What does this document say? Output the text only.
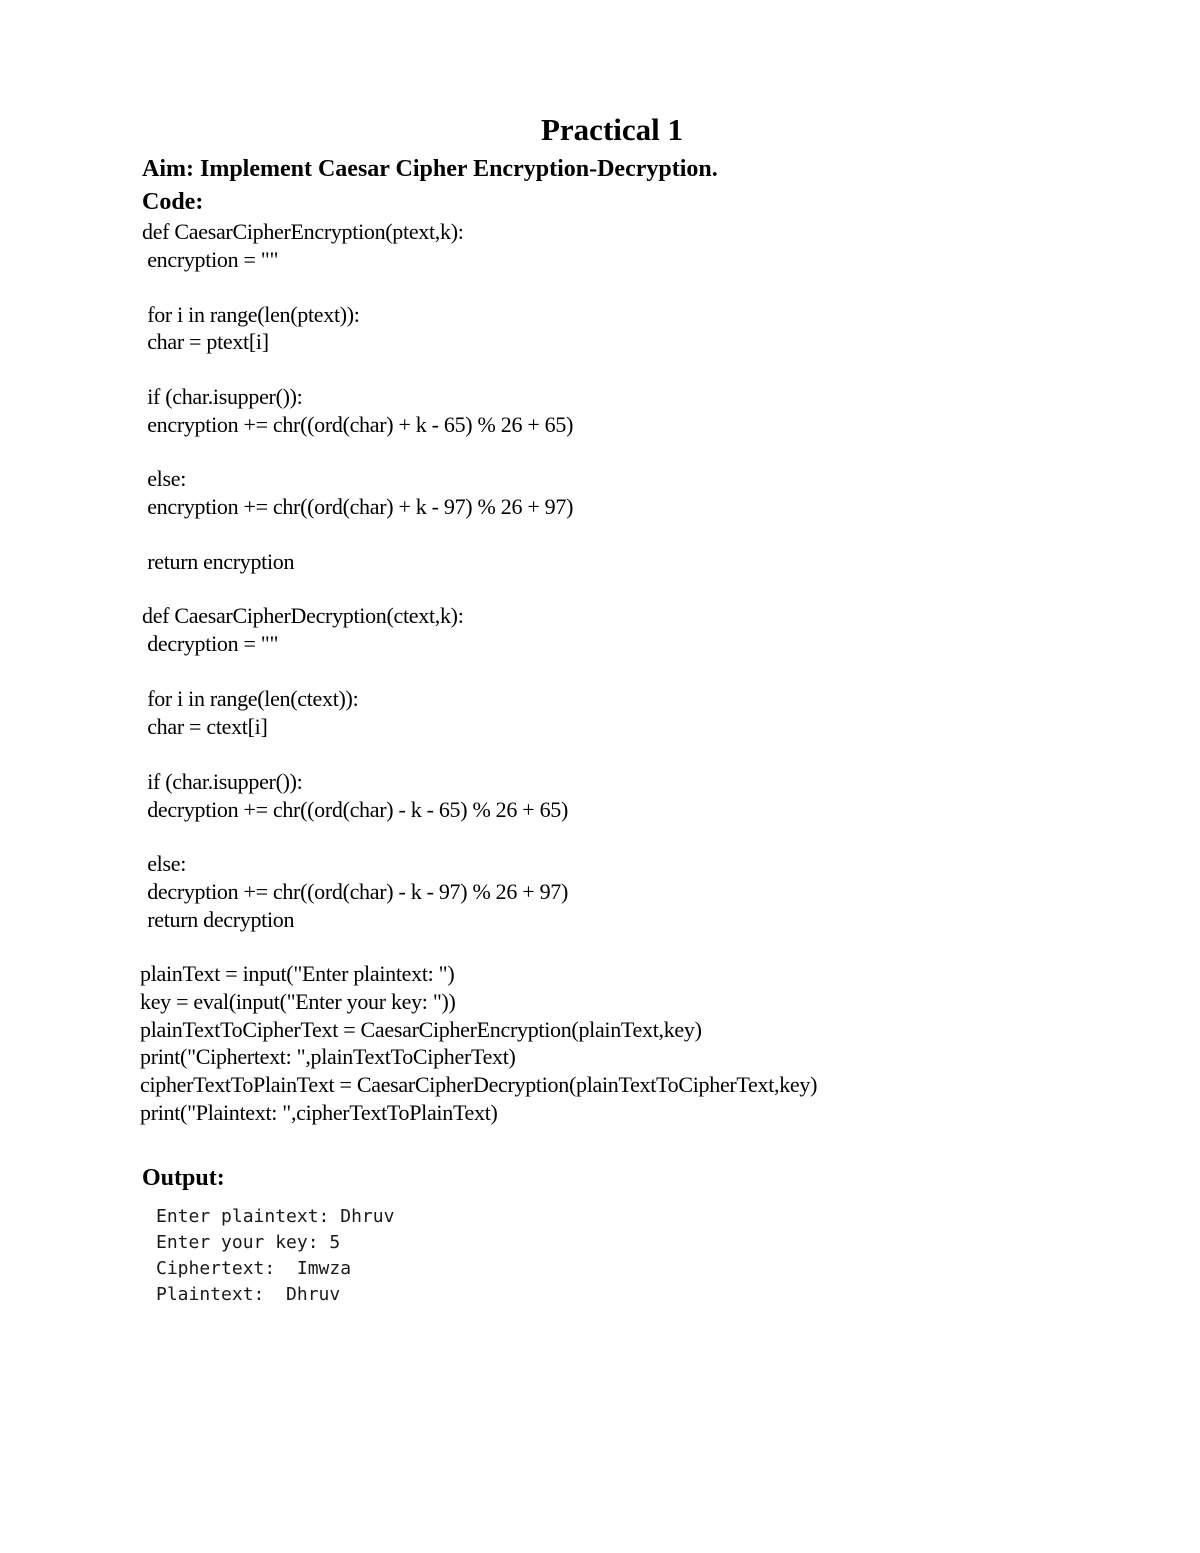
Practical 1
Aim: Implement Caesar Cipher Encryption-Decryption.
Code:
def CaesarCipherEncryption(ptext,k):
encryption = ""
for i in range(len(ptext)):
char = ptext[i]
if (char.isupper()):
encryption += chr((ord(char) + k - 65) % 26 + 65)
else:
encryption += chr((ord(char) + k - 97) % 26 + 97)
return encryption
def CaesarCipherDecryption(ctext,k):
decryption = ""
for i in range(len(ctext)):
char = ctext[i]
if (char.isupper()):
decryption += chr((ord(char) - k - 65) % 26 + 65)
else:
decryption += chr((ord(char) - k - 97) % 26 + 97)
return decryption
plainText = input("Enter plaintext: ")
key = eval(input("Enter your key: "))
plainTextToCipherText = CaesarCipherEncryption(plainText,key)
print("Ciphertext: ",plainTextToCipherText)
cipherTextToPlainText = CaesarCipherDecryption(plainTextToCipherText,key)
print("Plaintext: ",cipherTextToPlainText)
Output:
Enter plaintext: Dhruv
Enter your key: 5
Ciphertext:  Imwza
Plaintext:  Dhruv
